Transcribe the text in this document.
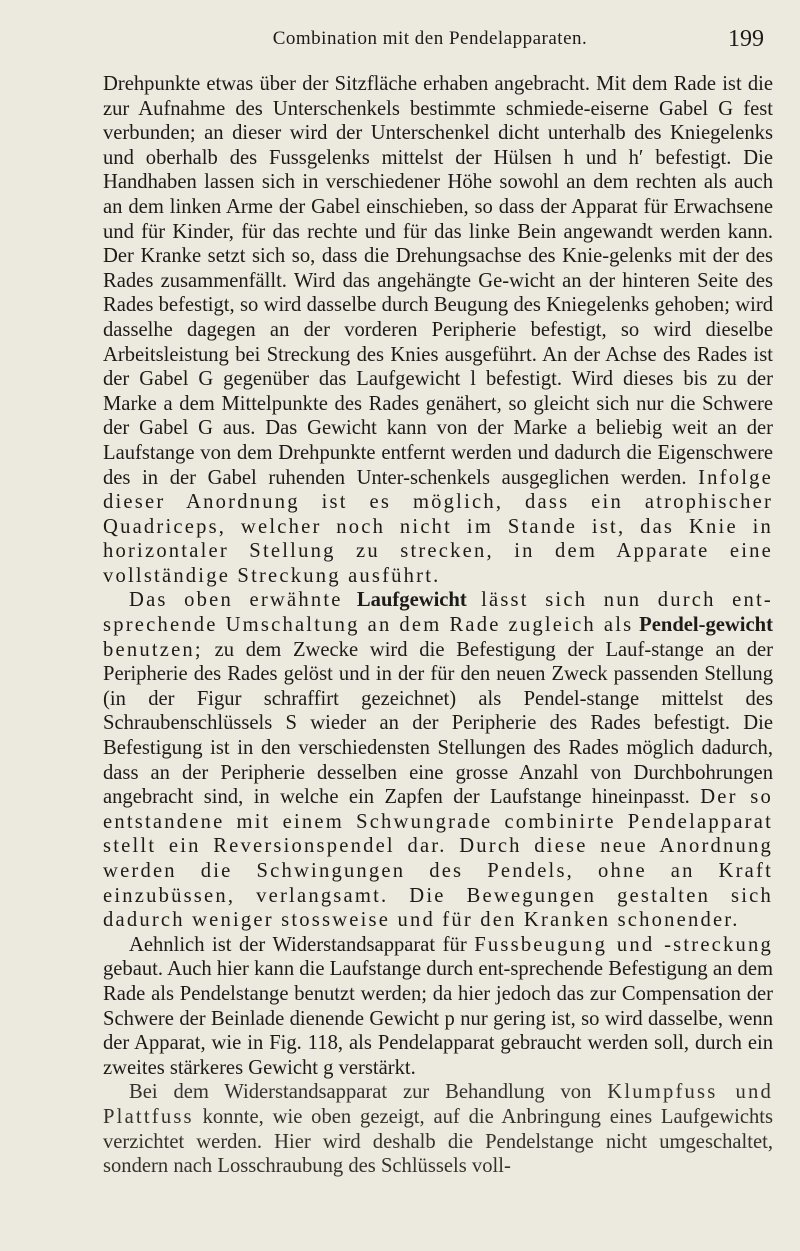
Combination mit den Pendelapparaten.	199

Drehpunkte etwas über der Sitzfläche erhaben angebracht. Mit dem Rade ist die zur Aufnahme des Unterschenkels bestimmte schmiede-eiserne Gabel G fest verbunden; an dieser wird der Unterschenkel dicht unterhalb des Kniegelenks und oberhalb des Fussgelenks mittelst der Hülsen h und h′ befestigt. Die Handhaben lassen sich in verschiedener Höhe sowohl an dem rechten als auch an dem linken Arme der Gabel einschieben, so dass der Apparat für Erwachsene und für Kinder, für das rechte und für das linke Bein angewandt werden kann. Der Kranke setzt sich so, dass die Drehungsachse des Knie-gelenks mit der des Rades zusammenfällt. Wird das angehängte Ge-wicht an der hinteren Seite des Rades befestigt, so wird dasselbe durch Beugung des Kniegelenks gehoben; wird dasselhe dagegen an der vorderen Peripherie befestigt, so wird dieselbe Arbeitsleistung bei Streckung des Knies ausgeführt. An der Achse des Rades ist der Gabel G gegenüber das Laufgewicht l befestigt. Wird dieses bis zu der Marke a dem Mittelpunkte des Rades genähert, so gleicht sich nur die Schwere der Gabel G aus. Das Gewicht kann von der Marke a beliebig weit an der Laufstange von dem Drehpunkte entfernt werden und dadurch die Eigenschwere des in der Gabel ruhenden Unter-schenkels ausgeglichen werden. Infolge dieser Anordnung ist es möglich, dass ein atrophischer Quadriceps, welcher noch nicht im Stande ist, das Knie in horizontaler Stellung zu strecken, in dem Apparate eine vollständige Streckung ausführt.

Das oben erwähnte Laufgewicht lässt sich nun durch ent-sprechende Umschaltung an dem Rade zugleich als Pendel-gewicht benutzen; zu dem Zwecke wird die Befestigung der Lauf-stange an der Peripherie des Rades gelöst und in der für den neuen Zweck passenden Stellung (in der Figur schraffirt gezeichnet) als Pendel-stange mittelst des Schraubenschlüssels S wieder an der Peripherie des Rades befestigt. Die Befestigung ist in den verschiedensten Stellungen des Rades möglich dadurch, dass an der Peripherie desselben eine grosse Anzahl von Durchbohrungen angebracht sind, in welche ein Zapfen der Laufstange hineinpasst. Der so entstandene mit einem Schwungrade combinirte Pendelapparat stellt ein Reversionspendel dar. Durch diese neue Anordnung werden die Schwingungen des Pendels, ohne an Kraft einzubüssen, verlangsamt. Die Bewegungen gestalten sich dadurch weniger stossweise und für den Kranken schonender.

Aehnlich ist der Widerstandsapparat für Fussbeugung und -streckung gebaut. Auch hier kann die Laufstange durch ent-sprechende Befestigung an dem Rade als Pendelstange benutzt werden; da hier jedoch das zur Compensation der Schwere der Beinlade dienende Gewicht p nur gering ist, so wird dasselbe, wenn der Apparat, wie in Fig. 118, als Pendelapparat gebraucht werden soll, durch ein zweites stärkeres Gewicht g verstärkt.

Bei dem Widerstandsapparat zur Behandlung von Klumpfuss und Plattfuss konnte, wie oben gezeigt, auf die Anbringung eines Laufgewichts verzichtet werden. Hier wird deshalb die Pendelstange nicht umgeschaltet, sondern nach Losschraubung des Schlüssels voll-
